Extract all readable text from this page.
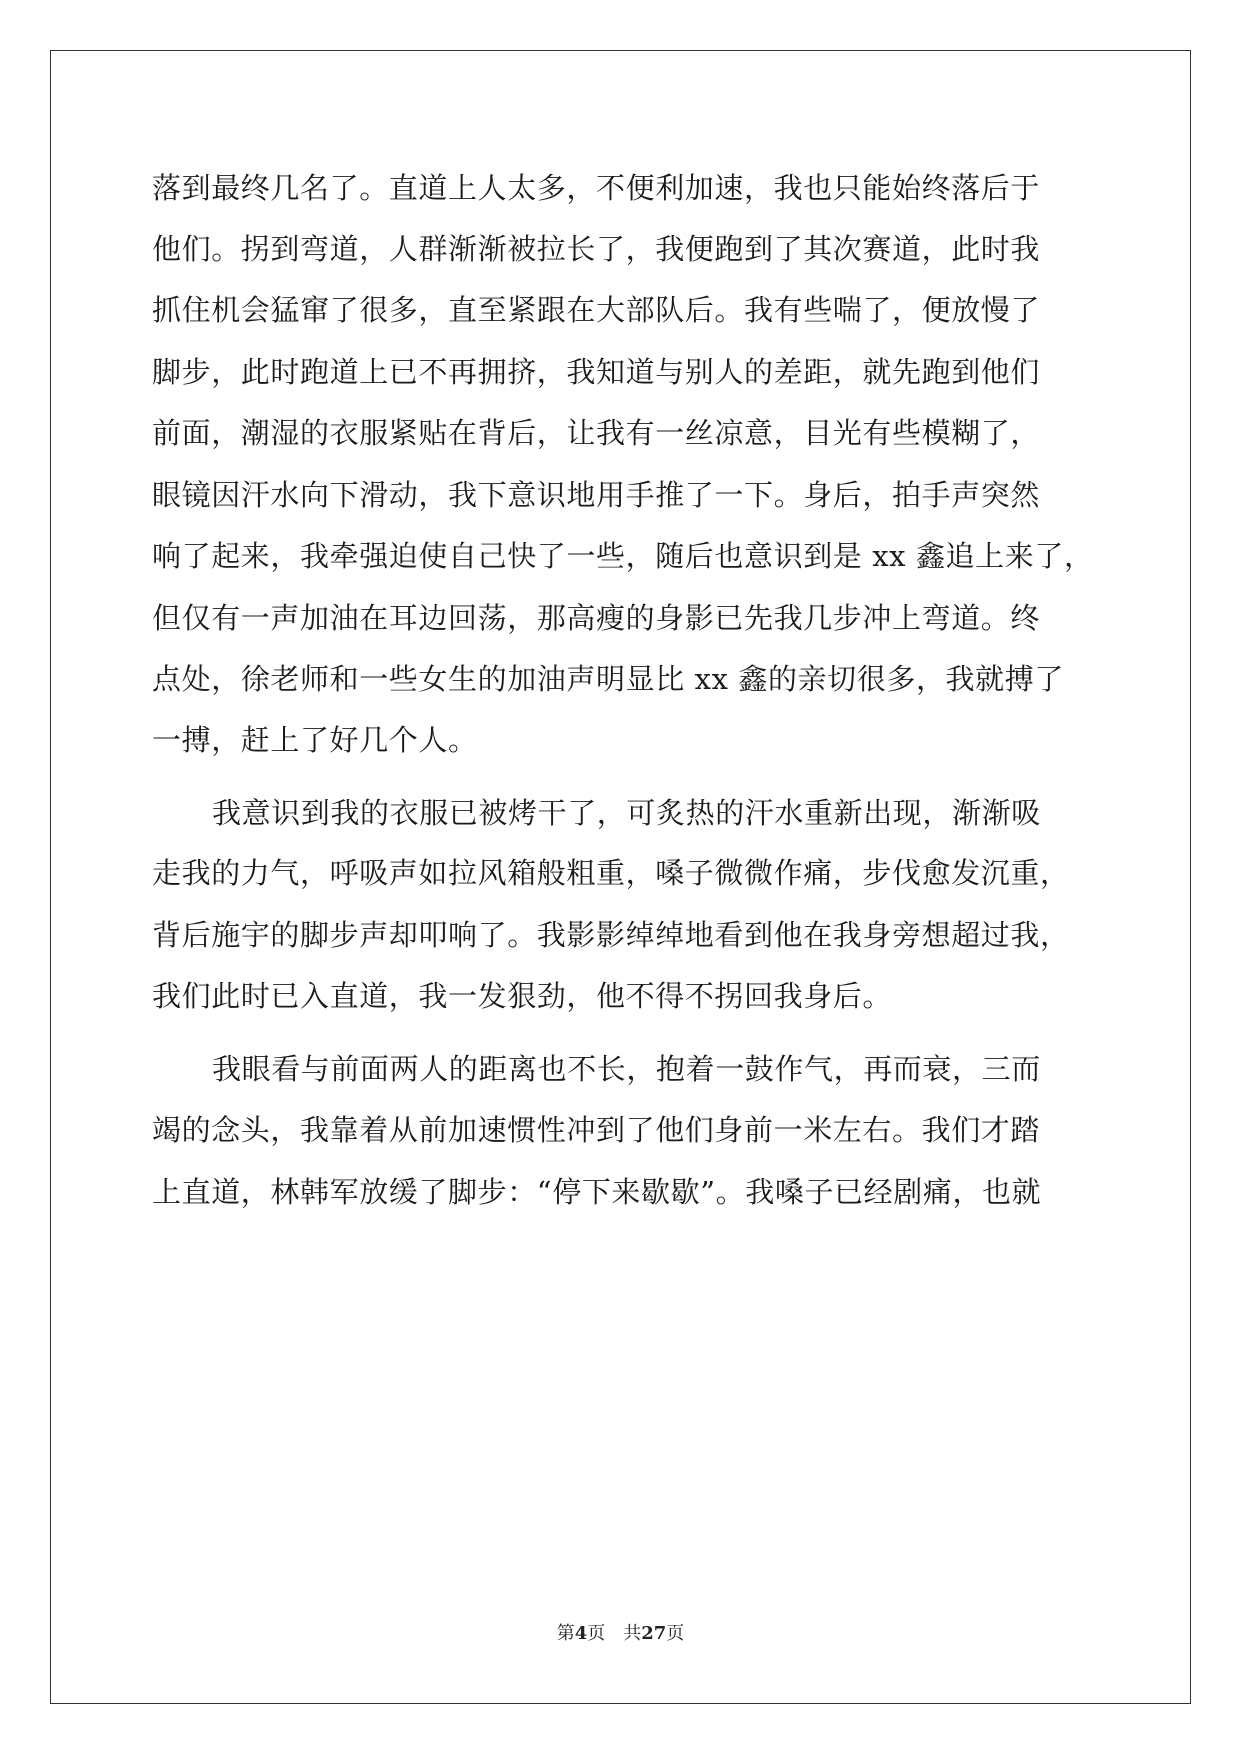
落到最终几名了。直道上人太多，不便利加速，我也只能始终落后于
他们。拐到弯道，人群渐渐被拉长了，我便跑到了其次赛道，此时我
抓住机会猛窜了很多，直至紧跟在大部队后。我有些喘了，便放慢了
脚步，此时跑道上已不再拥挤，我知道与别人的差距，就先跑到他们
前面，潮湿的衣服紧贴在背后，让我有一丝凉意，目光有些模糊了，
眼镜因汗水向下滑动，我下意识地用手推了一下。身后，拍手声突然
响了起来，我牵强迫使自己快了一些，随后也意识到是 xx 鑫追上来了，
但仅有一声加油在耳边回荡，那高瘦的身影已先我几步冲上弯道。终
点处，徐老师和一些女生的加油声明显比 xx 鑫的亲切很多，我就搏了
一搏，赶上了好几个人。
我意识到我的衣服已被烤干了，可炙热的汗水重新出现，渐渐吸
走我的力气，呼吸声如拉风箱般粗重，嗓子微微作痛，步伐愈发沉重，
背后施宇的脚步声却叩响了。我影影绰绰地看到他在我身旁想超过我，
我们此时已入直道，我一发狠劲，他不得不拐回我身后。
我眼看与前面两人的距离也不长，抱着一鼓作气，再而衰，三而
竭的念头，我靠着从前加速惯性冲到了他们身前一米左右。我们才踏
上直道，林韩军放缓了脚步：“停下来歇歇”。我嗓子已经剧痛，也就
第4页 共27页
